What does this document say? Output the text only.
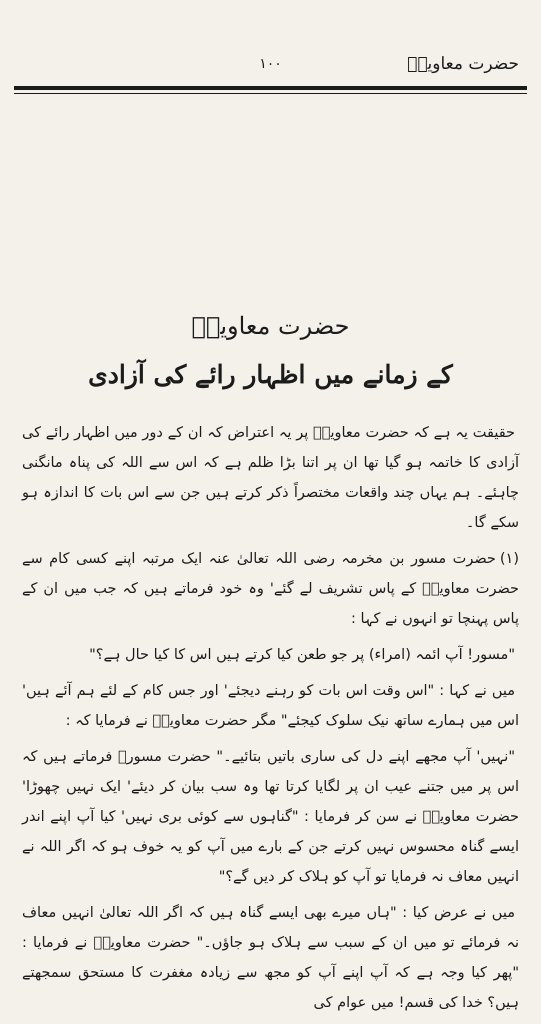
حضرت معاویہؓ
۱۰۰
حضرت معاویہؓ
کے زمانے میں اظہار رائے کی آزادی

حقیقت یہ ہے کہ حضرت معاویہؓ پر یہ اعتراض کہ ان کے دور میں اظہار رائے کی آزادی کا خاتمہ ہو گیا تھا ان پر اتنا بڑا ظلم ہے کہ اس سے اللہ کی پناہ مانگنی چاہئے۔ ہم یہاں چند واقعات مختصراً ذکر کرتے ہیں جن سے اس بات کا اندازہ ہو سکے گا۔

(۱)حضرت مسور بن مخرمہ رضی اللہ تعالیٰ عنہ ایک مرتبہ اپنے کسی کام سے حضرت معاویہؓ کے پاس تشریف لے گئے' وہ خود فرماتے ہیں کہ جب میں ان کے پاس پہنچا تو انہوں نے کہا :

"مسور! آپ ائمہ (امراء) پر جو طعن کیا کرتے ہیں اس کا کیا حال ہے؟"

میں نے کہا : "اس وقت اس بات کو رہنے دیجئے' اور جس کام کے لئے ہم آئے ہیں' اس میں ہمارے ساتھ نیک سلوک کیجئے" مگر حضرت معاویہؓ نے فرمایا کہ :

"نہیں' آپ مجھے اپنے دل کی ساری باتیں بتائیے۔" حضرت مسورؓ فرماتے ہیں کہ اس پر میں جتنے عیب ان پر لگایا کرتا تھا وہ سب بیان کر دیئے' ایک نہیں چھوڑا' حضرت معاویہؓ نے سن کر فرمایا : "گناہوں سے کوئی بری نہیں' کیا آپ اپنے اندر ایسے گناہ محسوس نہیں کرتے جن کے بارے میں آپ کو یہ خوف ہو کہ اگر اللہ نے انہیں معاف نہ فرمایا تو آپ کو ہلاک کر دیں گے؟"

میں نے عرض کیا : "ہاں میرے بھی ایسے گناہ ہیں کہ اگر اللہ تعالیٰ انہیں معاف نہ فرمائے تو میں ان کے سبب سے ہلاک ہو جاؤں۔" حضرت معاویہؓ نے فرمایا : "پھر کیا وجہ ہے کہ آپ اپنے آپ کو مجھ سے زیادہ مغفرت کا مستحق سمجھتے ہیں؟ خدا کی قسم! میں عوام کی
